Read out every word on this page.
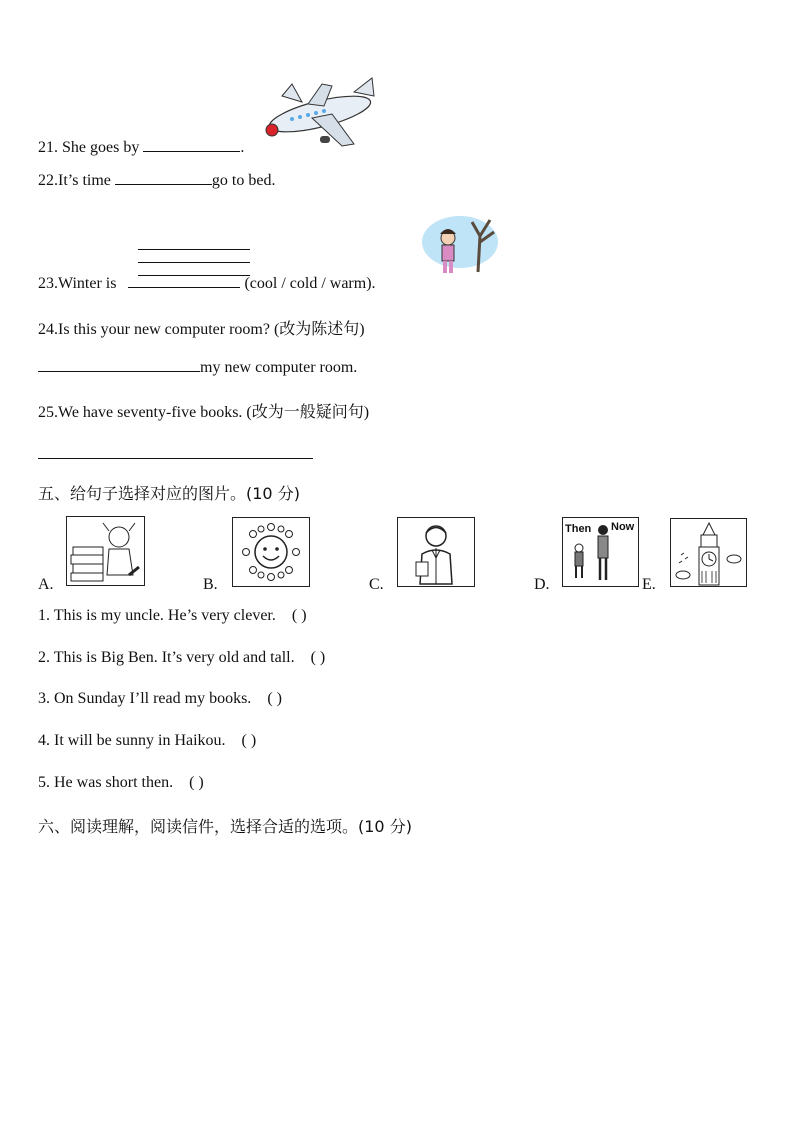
21. She goes by	.
22.It’s time	go to bed.
23.Winter is	(cool / cold / warm).
24.Is this your new computer room? (改为陈述句)
my new computer room.
25.We have seventy-five books. (改为一般疑问句)
五、给句子选择对应的图片。(10 分)
A.	B.	C.	D.
Then Now
E.
1. This is my uncle. He’s very clever. ( )
2. This is Big Ben. It’s very old and tall. ( )
3. On Sunday I’ll read my books. ( )
4. It will be sunny in Haikou. ( )
5. He was short then. ( )
六、阅读理解，阅读信件，选择合适的选项。(10 分)
